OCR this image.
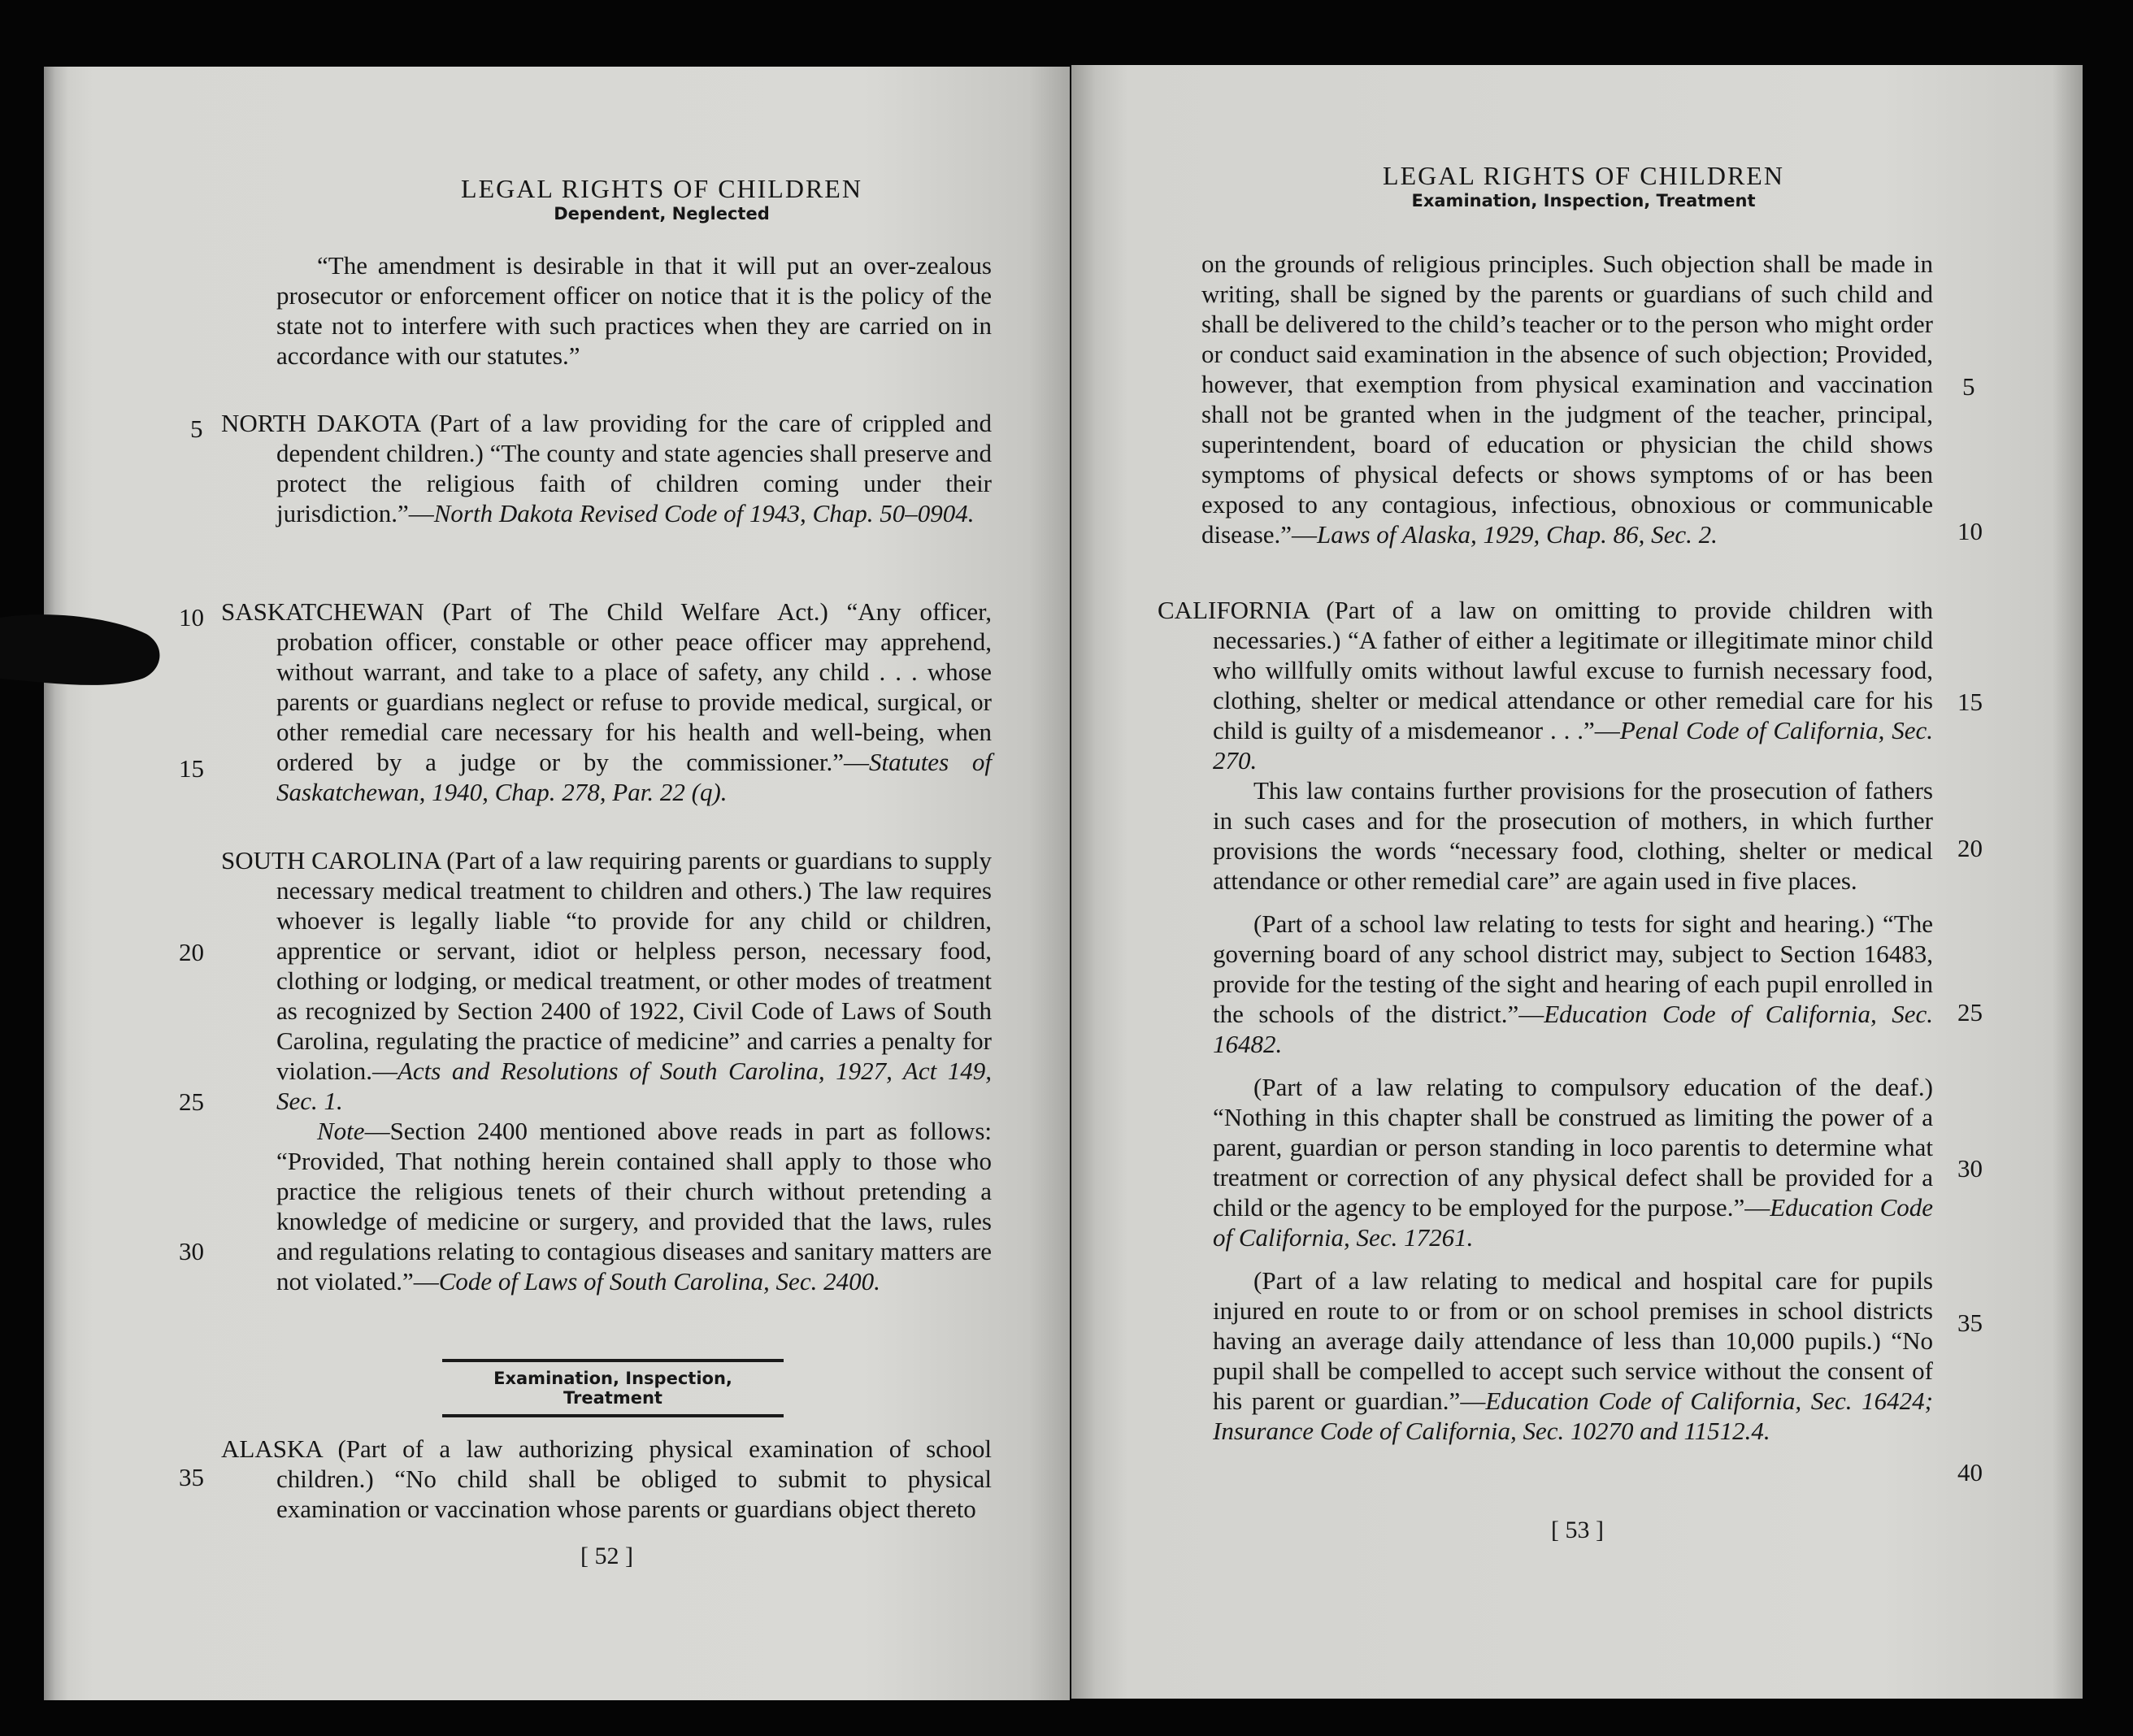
LEGAL RIGHTS OF CHILDREN
Dependent, Neglected

“The amendment is desirable in that it will put an over-zealous prosecutor or enforcement officer on notice that it is the policy of the state not to interfere with such practices when they are carried on in accordance with our statutes.”

NORTH DAKOTA (Part of a law providing for the care of crippled and dependent children.) “The county and state agencies shall preserve and protect the religious faith of children coming under their jurisdiction.”—North Dakota Revised Code of 1943, Chap. 50–0904.

SASKATCHEWAN (Part of The Child Welfare Act.) “Any officer, probation officer, constable or other peace officer may apprehend, without warrant, and take to a place of safety, any child . . . whose parents or guardians neglect or refuse to provide medical, surgical, or other remedial care necessary for his health and well-being, when ordered by a judge or by the commissioner.”—Statutes of Saskatchewan, 1940, Chap. 278, Par. 22 (q).

SOUTH CAROLINA (Part of a law requiring parents or guardians to supply necessary medical treatment to children and others.) The law requires whoever is legally liable “to provide for any child or children, apprentice or servant, idiot or helpless person, necessary food, clothing or lodging, or medical treatment, or other modes of treatment as recognized by Section 2400 of 1922, Civil Code of Laws of South Carolina, regulating the practice of medicine” and carries a penalty for violation.—Acts and Resolutions of South Carolina, 1927, Act 149, Sec. 1.

Note—Section 2400 mentioned above reads in part as follows: “Provided, That nothing herein contained shall apply to those who practice the religious tenets of their church without pretending a knowledge of medicine or surgery, and provided that the laws, rules and regulations relating to contagious diseases and sanitary matters are not violated.”—Code of Laws of South Carolina, Sec. 2400.

Examination, Inspection, Treatment

ALASKA (Part of a law authorizing physical examination of school children.) “No child shall be obliged to submit to physical examination or vaccination whose parents or guardians object thereto

[ 52 ]
5
10
15
20
25
30
35
LEGAL RIGHTS OF CHILDREN
Examination, Inspection, Treatment

on the grounds of religious principles. Such objection shall be made in writing, shall be signed by the parents or guardians of such child and shall be delivered to the child’s teacher or to the person who might order or conduct said examination in the absence of such objection; Provided, however, that exemption from physical examination and vaccination shall not be granted when in the judgment of the teacher, principal, superintendent, board of education or physician the child shows symptoms of physical defects or shows symptoms of or has been exposed to any contagious, infectious, obnoxious or communicable disease.”—Laws of Alaska, 1929, Chap. 86, Sec. 2.

CALIFORNIA (Part of a law on omitting to provide children with necessaries.) “A father of either a legitimate or illegitimate minor child who willfully omits without lawful excuse to furnish necessary food, clothing, shelter or medical attendance or other remedial care for his child is guilty of a misdemeanor . . .”—Penal Code of California, Sec. 270.

This law contains further provisions for the prosecution of fathers in such cases and for the prosecution of mothers, in which further provisions the words “necessary food, clothing, shelter or medical attendance or other remedial care” are again used in five places.

(Part of a school law relating to tests for sight and hearing.) “The governing board of any school district may, subject to Section 16483, provide for the testing of the sight and hearing of each pupil enrolled in the schools of the district.”—Education Code of California, Sec. 16482.

(Part of a law relating to compulsory education of the deaf.) “Nothing in this chapter shall be construed as limiting the power of a parent, guardian or person standing in loco parentis to determine what treatment or correction of any physical defect shall be provided for a child or the agency to be employed for the purpose.”—Education Code of California, Sec. 17261.

(Part of a law relating to medical and hospital care for pupils injured en route to or from or on school premises in school districts having an average daily attendance of less than 10,000 pupils.) “No pupil shall be compelled to accept such service without the consent of his parent or guardian.”—Education Code of California, Sec. 16424; Insurance Code of California, Sec. 10270 and 11512.4.

[ 53 ]
5
10
15
20
25
30
35
40
